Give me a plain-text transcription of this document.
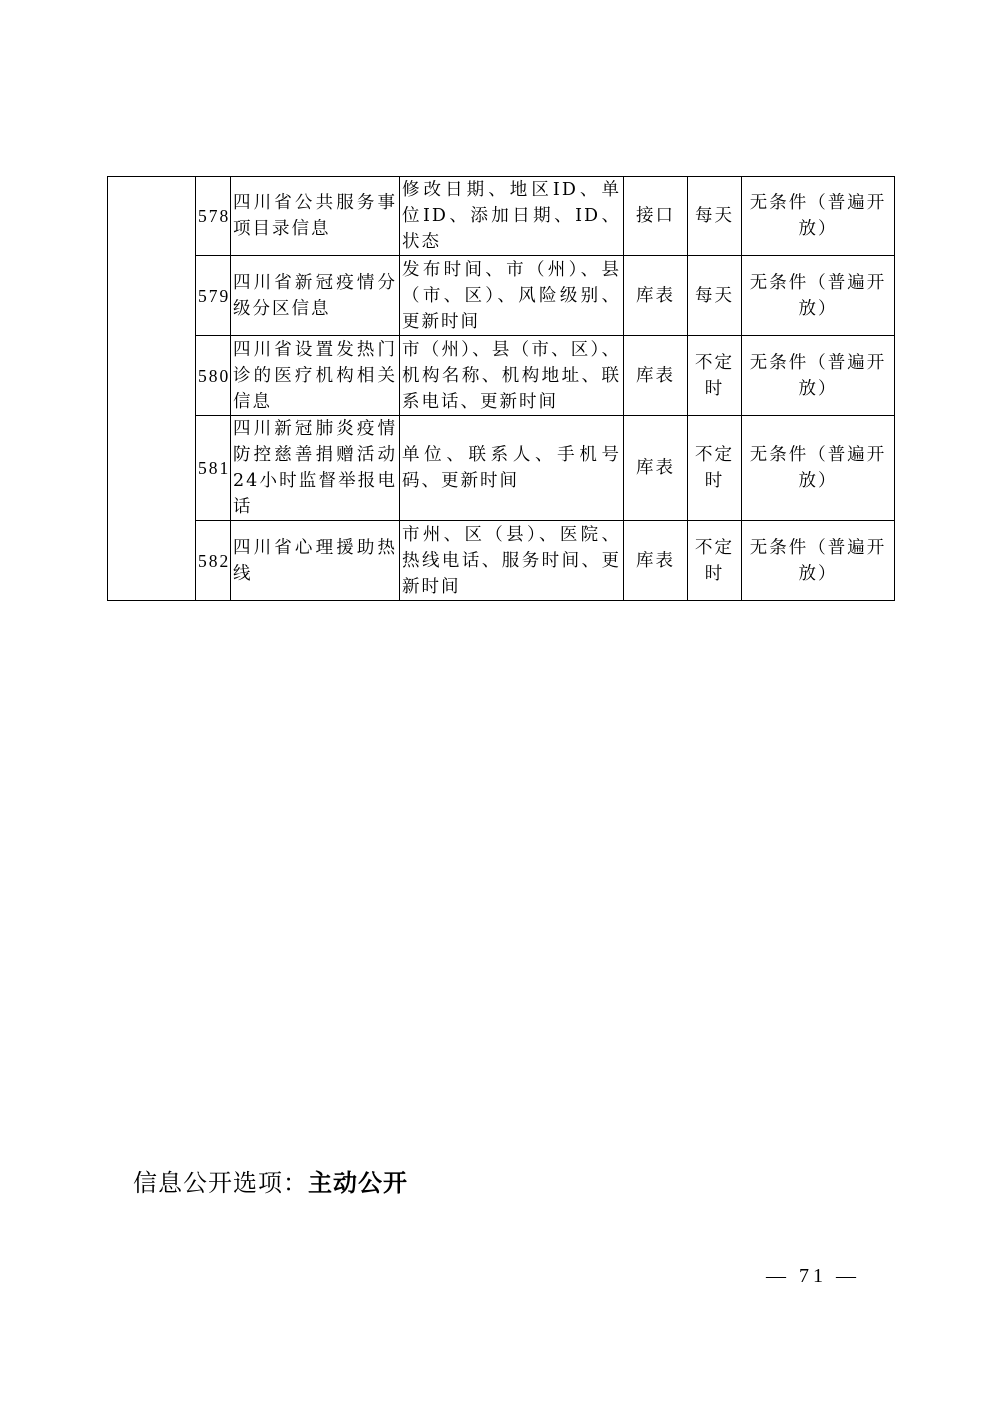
	578	四川省公共服务事项目录信息	修改日期、地区ID、单位ID、添加日期、ID、状态	接口	每天	无条件（普遍开放）
	579	四川省新冠疫情分级分区信息	发布时间、市（州）、县（市、区）、风险级别、更新时间	库表	每天	无条件（普遍开放）
	580	四川省设置发热门诊的医疗机构相关信息	市（州）、县（市、区）、机构名称、机构地址、联系电话、更新时间	库表	不定时	无条件（普遍开放）
	581	四川新冠肺炎疫情防控慈善捐赠活动24小时监督举报电话	单位、联系人、手机号码、更新时间	库表	不定时	无条件（普遍开放）
	582	四川省心理援助热线	市州、区（县）、医院、热线电话、服务时间、更新时间	库表	不定时	无条件（普遍开放）
信息公开选项：主动公开
— 71 —
